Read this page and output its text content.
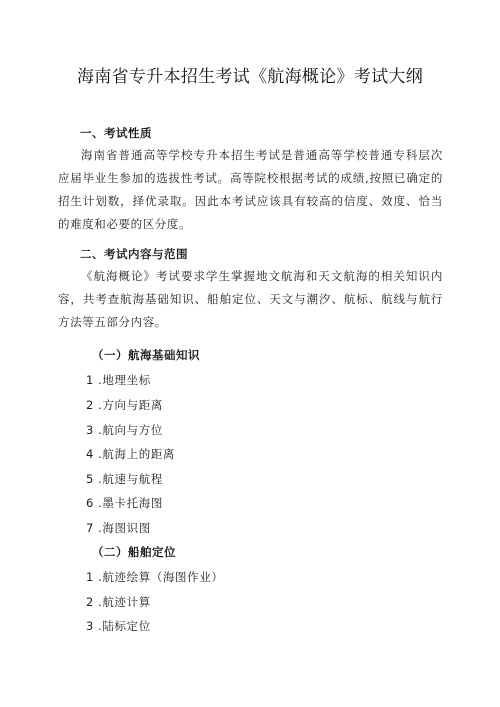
海南省专升本招生考试《航海概论》考试大纲
一、考试性质
海南省普通高等学校专升本招生考试是普通高等学校普通专科层次应届毕业生参加的选拔性考试。高等院校根据考试的成绩,按照已确定的招生计划数，择优录取。因此本考试应该具有较高的信度、效度、恰当的难度和必要的区分度。
二、考试内容与范围
《航海概论》考试要求学生掌握地文航海和天文航海的相关知识内容，共考查航海基础知识、船舶定位、天文与潮汐、航标、航线与航行方法等五部分内容。
（一）航海基础知识
1 .地理坐标
2 .方向与距离
3 .航向与方位
4 .航海上的距离
5 .航速与航程
6 .墨卡托海图
7 .海图识图
（二）船舶定位
1 .航迹绘算（海图作业）
2 .航迹计算
3 .陆标定位
